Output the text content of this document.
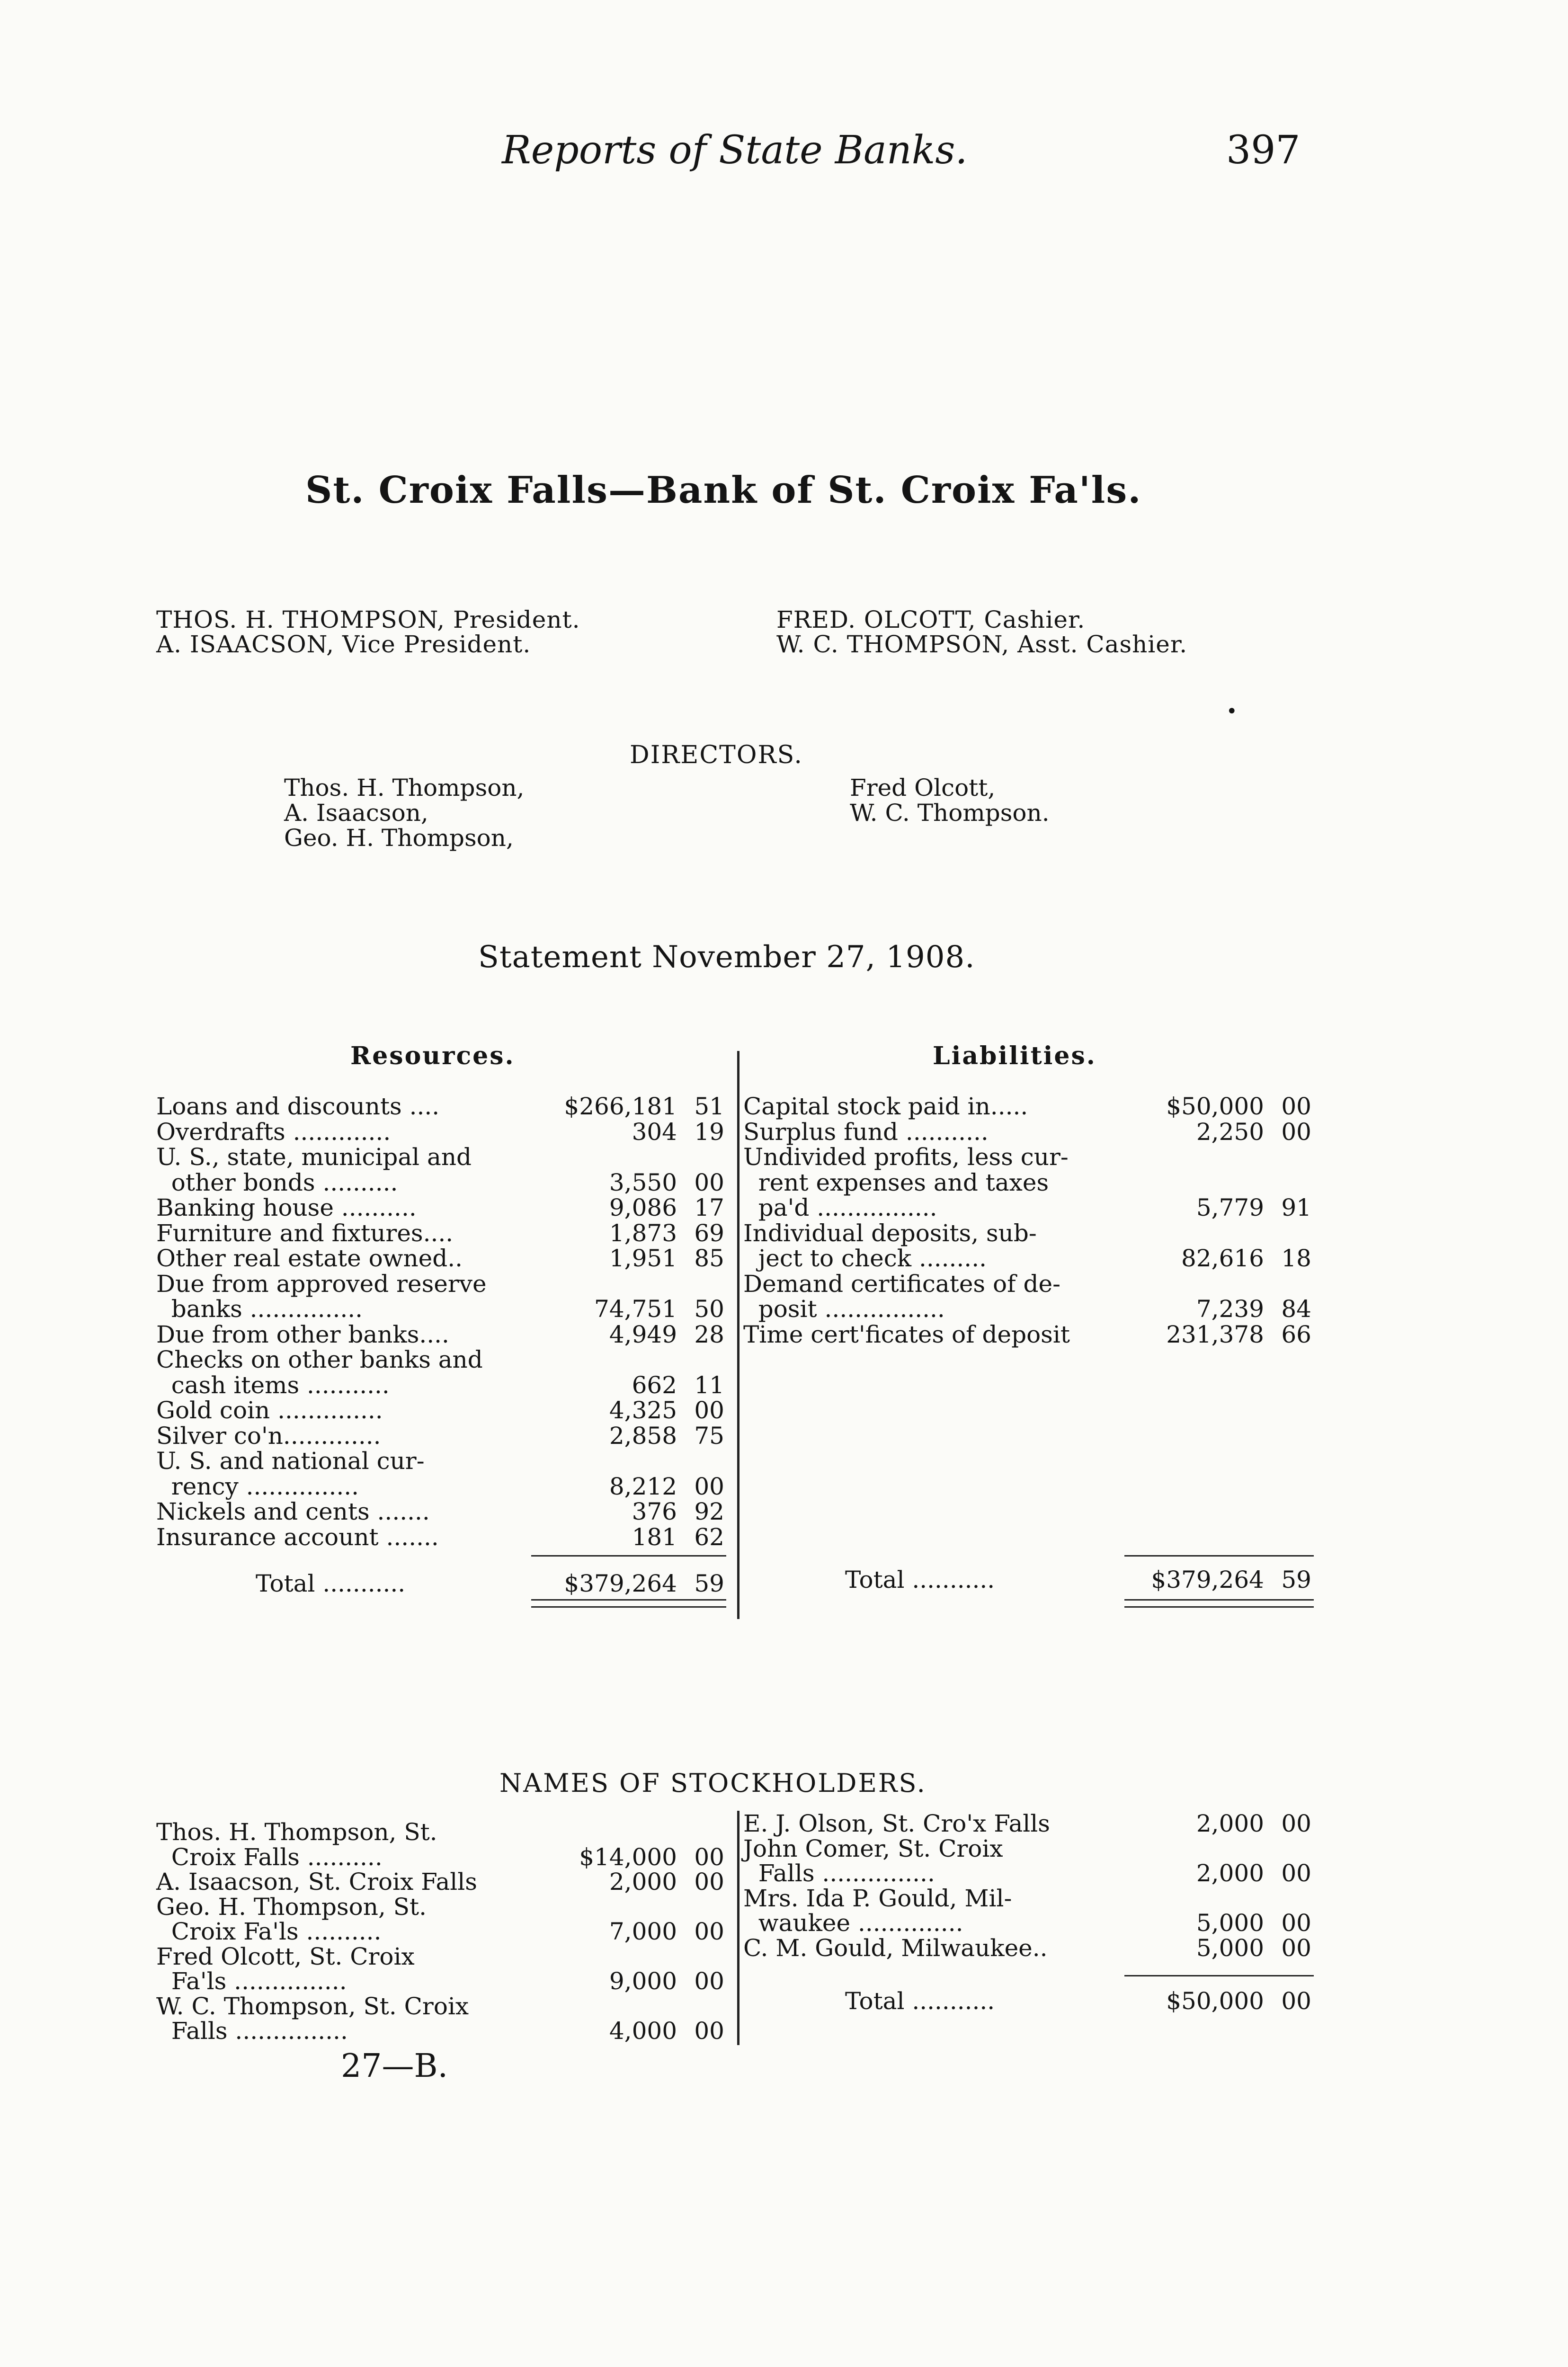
Reports of State Banks.	397
St. Croix Falls—Bank of St. Croix Fa'ls.
THOS. H. THOMPSON, President.
A. ISAACSON, Vice President.
FRED. OLCOTT, Cashier.
W. C. THOMPSON, Asst. Cashier.
DIRECTORS.
Thos. H. Thompson,
A. Isaacson,
Geo. H. Thompson,
Fred Olcott,
W. C. Thompson.
Statement November 27, 1908.
Resources.	Liabilities.
Loans and discounts ....	$266,181 51
Overdrafts .............	304 19
U. S., state, municipal and
other bonds ..........	3,550 00
Banking house ..........	9,086 17
Furniture and fixtures....	1,873 69
Other real estate owned..	1,951 85
Due from approved reserve
banks ...............	74,751 50
Due from other banks....	4,949 28
Checks on other banks and
cash items ...........	662 11
Gold coin ..............	4,325 00
Silver co'n.............	2,858 75
U. S. and national cur-
rency ...............	8,212 00
Nickels and cents .......	376 92
Insurance account .......	181 62
Total ...........	$379,264 59
Capital stock paid in.....	$50,000 00
Surplus fund ...........	2,250 00
Undivided profits, less cur-
rent expenses and taxes
pa'd ................	5,779 91
Individual deposits, sub-
ject to check .........	82,616 18
Demand certificates of de-
posit ................	7,239 84
Time cert'ficates of deposit	231,378 66
Total ...........	$379,264 59
NAMES OF STOCKHOLDERS.
Thos. H. Thompson, St.
Croix Falls ..........	$14,000 00
A. Isaacson, St. Croix Falls	2,000 00
Geo. H. Thompson, St.
Croix Fa'ls ..........	7,000 00
Fred Olcott, St. Croix
Fa'ls ...............	9,000 00
W. C. Thompson, St. Croix
Falls ...............	4,000 00
E. J. Olson, St. Cro'x Falls	2,000 00
John Comer, St. Croix
Falls ...............	2,000 00
Mrs. Ida P. Gould, Mil-
waukee ..............	5,000 00
C. M. Gould, Milwaukee..	5,000 00
Total ...........	$50,000 00
27—B.
•
